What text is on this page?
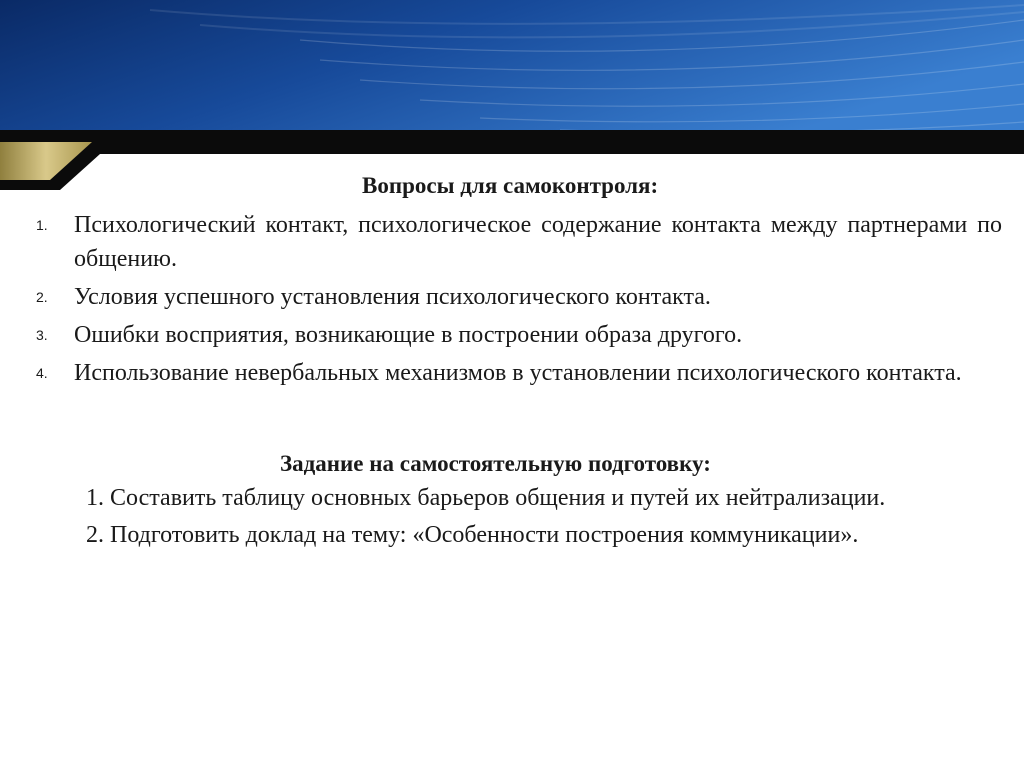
Вопросы для самоконтроля:
1. Психологический контакт, психологическое содержание контакта между партнерами по общению.
2. Условия успешного установления психологического контакта.
3. Ошибки восприятия, возникающие в построении образа другого.
4. Использование невербальных механизмов в установлении психологического контакта.
Задание на самостоятельную подготовку:

1. Составить таблицу основных барьеров общения и путей их нейтрализации.

2. Подготовить доклад на тему: «Особенности построения коммуникации».
